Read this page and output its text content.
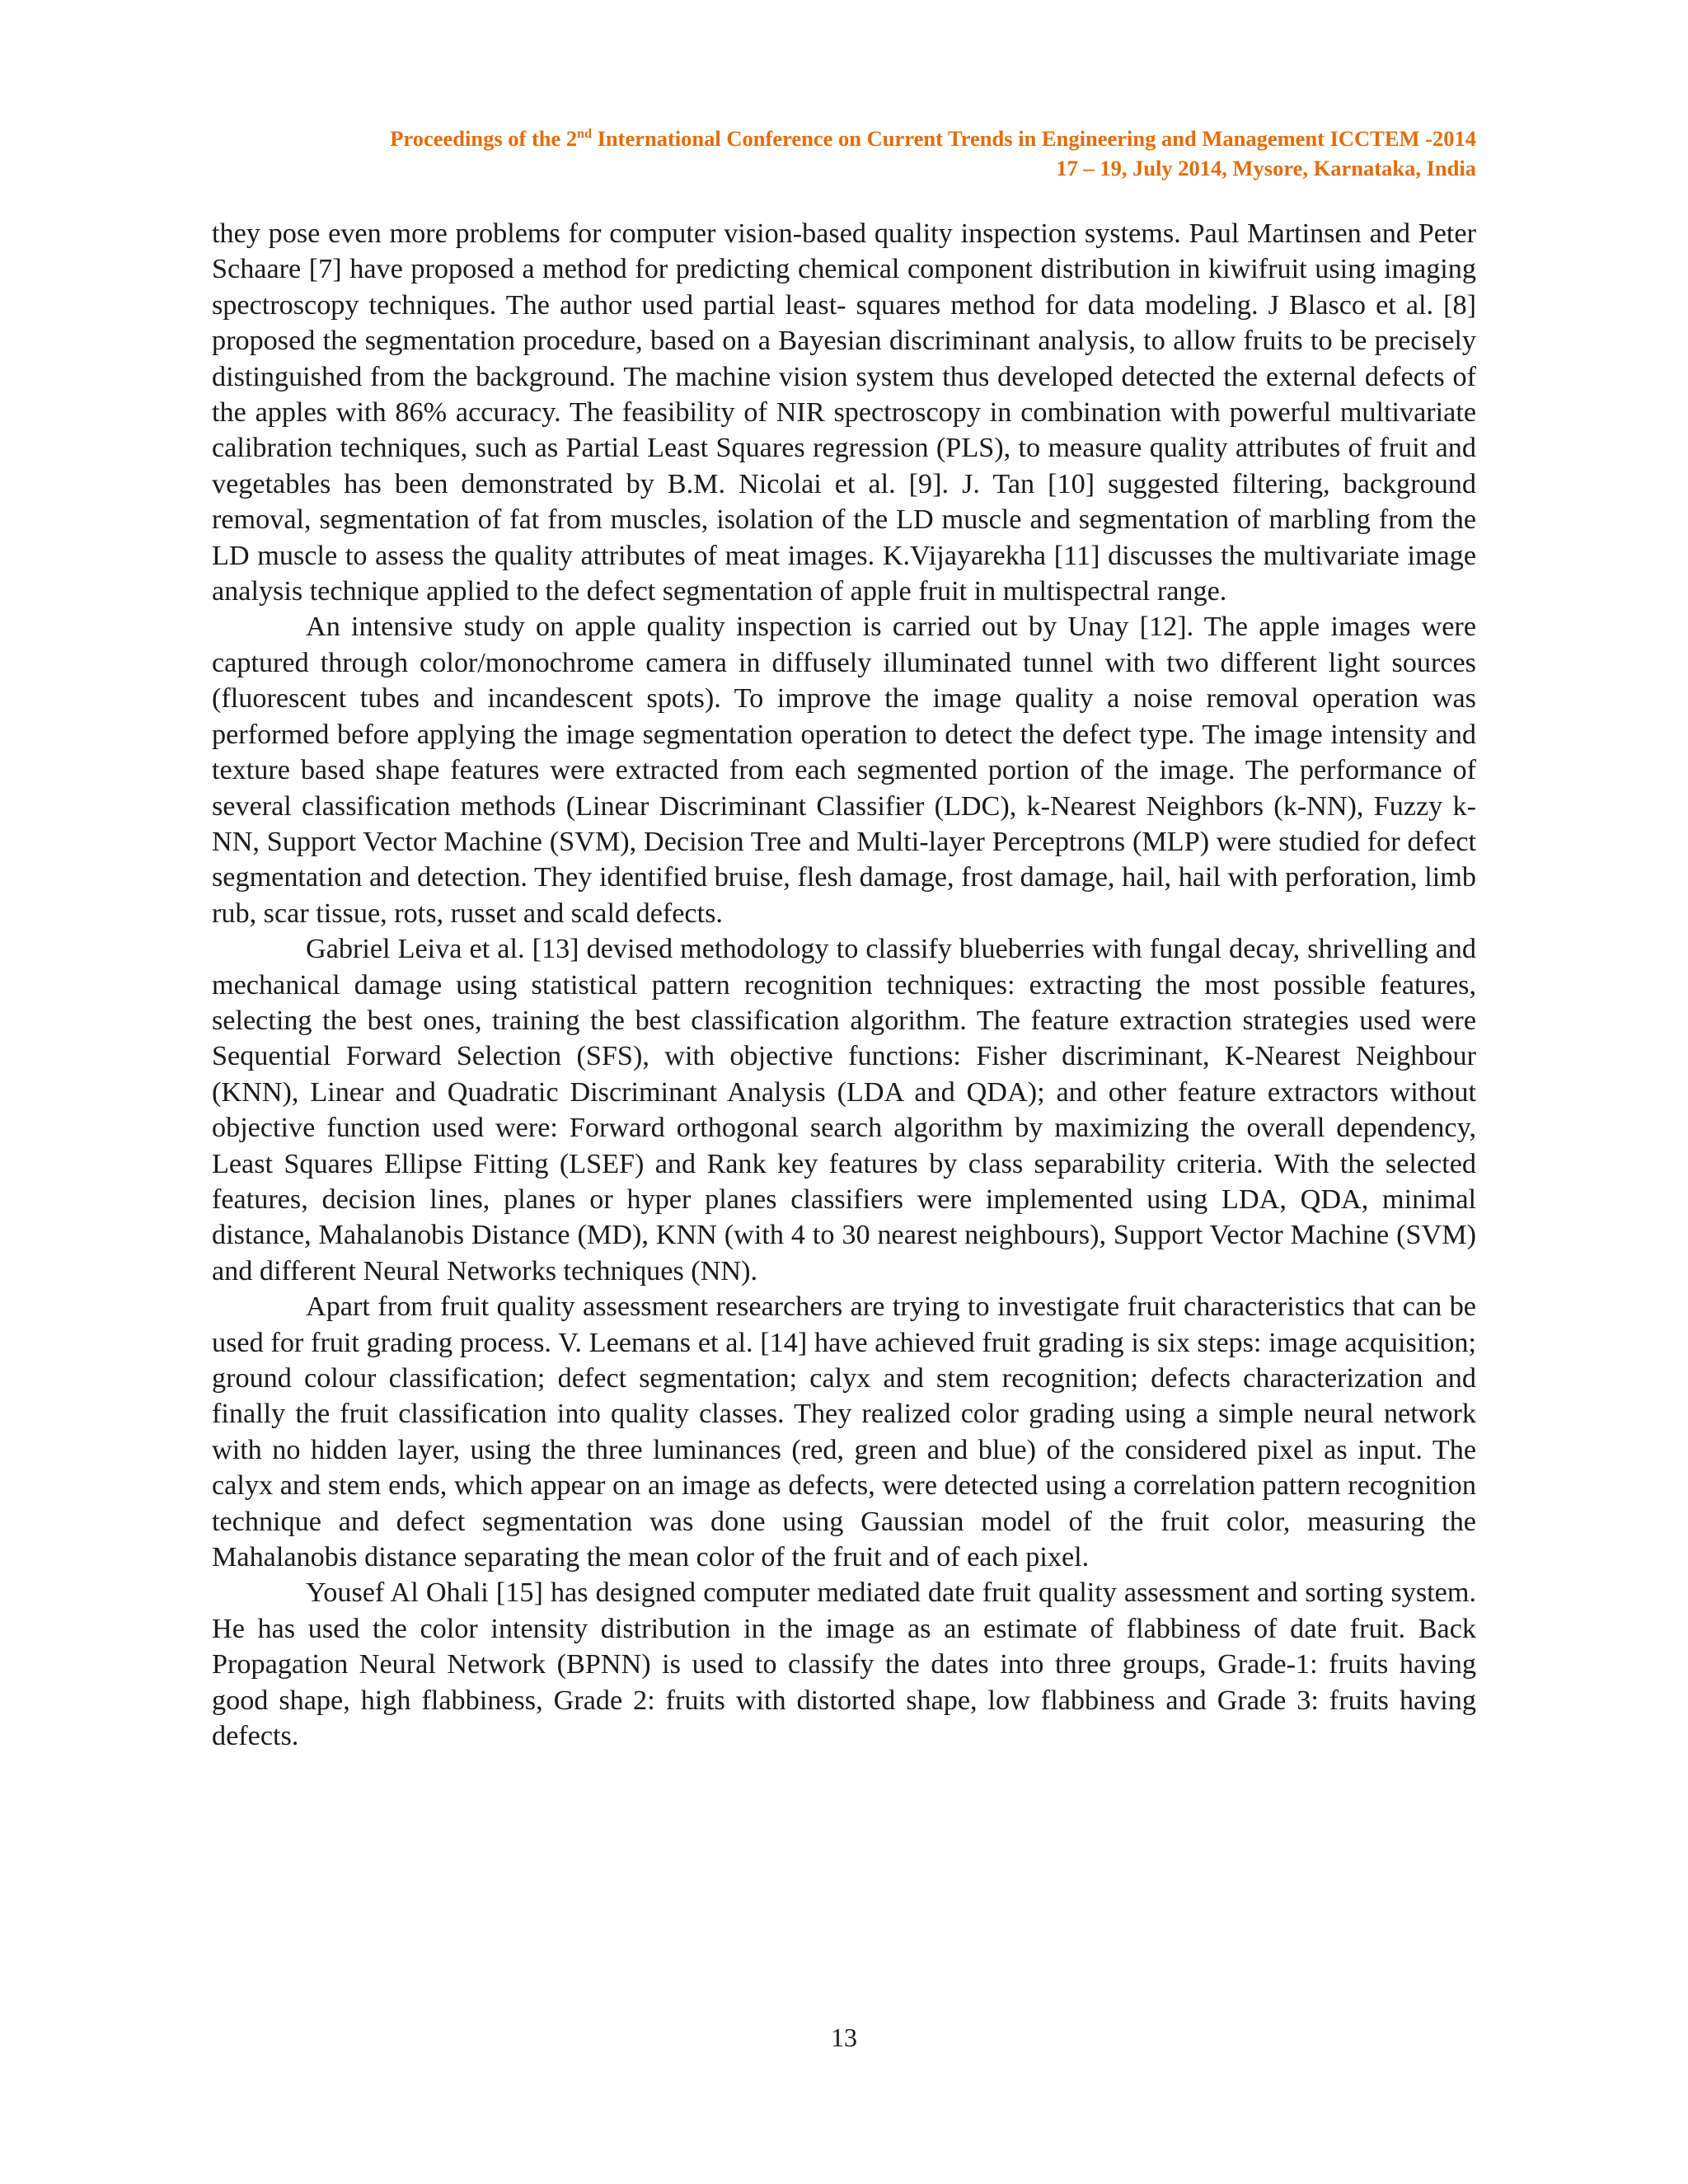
Proceedings of the 2nd International Conference on Current Trends in Engineering and Management ICCTEM -2014
17 – 19, July 2014, Mysore, Karnataka, India

they pose even more problems for computer vision-based quality inspection systems. Paul Martinsen and Peter Schaare [7] have proposed a method for predicting chemical component distribution in kiwifruit using imaging spectroscopy techniques. The author used partial least- squares method for data modeling. J Blasco et al. [8] proposed the segmentation procedure, based on a Bayesian discriminant analysis, to allow fruits to be precisely distinguished from the background. The machine vision system thus developed detected the external defects of the apples with 86% accuracy. The feasibility of NIR spectroscopy in combination with powerful multivariate calibration techniques, such as Partial Least Squares regression (PLS), to measure quality attributes of fruit and vegetables has been demonstrated by B.M. Nicolai et al. [9]. J. Tan [10] suggested filtering, background removal, segmentation of fat from muscles, isolation of the LD muscle and segmentation of marbling from the LD muscle to assess the quality attributes of meat images. K.Vijayarekha [11] discusses the multivariate image analysis technique applied to the defect segmentation of apple fruit in multispectral range.

An intensive study on apple quality inspection is carried out by Unay [12]. The apple images were captured through color/monochrome camera in diffusely illuminated tunnel with two different light sources (fluorescent tubes and incandescent spots). To improve the image quality a noise removal operation was performed before applying the image segmentation operation to detect the defect type. The image intensity and texture based shape features were extracted from each segmented portion of the image. The performance of several classification methods (Linear Discriminant Classifier (LDC), k-Nearest Neighbors (k-NN), Fuzzy k-NN, Support Vector Machine (SVM), Decision Tree and Multi-layer Perceptrons (MLP) were studied for defect segmentation and detection. They identified bruise, flesh damage, frost damage, hail, hail with perforation, limb rub, scar tissue, rots, russet and scald defects.

Gabriel Leiva et al. [13] devised methodology to classify blueberries with fungal decay, shrivelling and mechanical damage using statistical pattern recognition techniques: extracting the most possible features, selecting the best ones, training the best classification algorithm. The feature extraction strategies used were Sequential Forward Selection (SFS), with objective functions: Fisher discriminant, K-Nearest Neighbour (KNN), Linear and Quadratic Discriminant Analysis (LDA and QDA); and other feature extractors without objective function used were: Forward orthogonal search algorithm by maximizing the overall dependency, Least Squares Ellipse Fitting (LSEF) and Rank key features by class separability criteria. With the selected features, decision lines, planes or hyper planes classifiers were implemented using LDA, QDA, minimal distance, Mahalanobis Distance (MD), KNN (with 4 to 30 nearest neighbours), Support Vector Machine (SVM) and different Neural Networks techniques (NN).

Apart from fruit quality assessment researchers are trying to investigate fruit characteristics that can be used for fruit grading process. V. Leemans et al. [14] have achieved fruit grading is six steps: image acquisition; ground colour classification; defect segmentation; calyx and stem recognition; defects characterization and finally the fruit classification into quality classes. They realized color grading using a simple neural network with no hidden layer, using the three luminances (red, green and blue) of the considered pixel as input. The calyx and stem ends, which appear on an image as defects, were detected using a correlation pattern recognition technique and defect segmentation was done using Gaussian model of the fruit color, measuring the Mahalanobis distance separating the mean color of the fruit and of each pixel.

Yousef Al Ohali [15] has designed computer mediated date fruit quality assessment and sorting system. He has used the color intensity distribution in the image as an estimate of flabbiness of date fruit. Back Propagation Neural Network (BPNN) is used to classify the dates into three groups, Grade-1: fruits having good shape, high flabbiness, Grade 2: fruits with distorted shape, low flabbiness and Grade 3: fruits having defects.

13
